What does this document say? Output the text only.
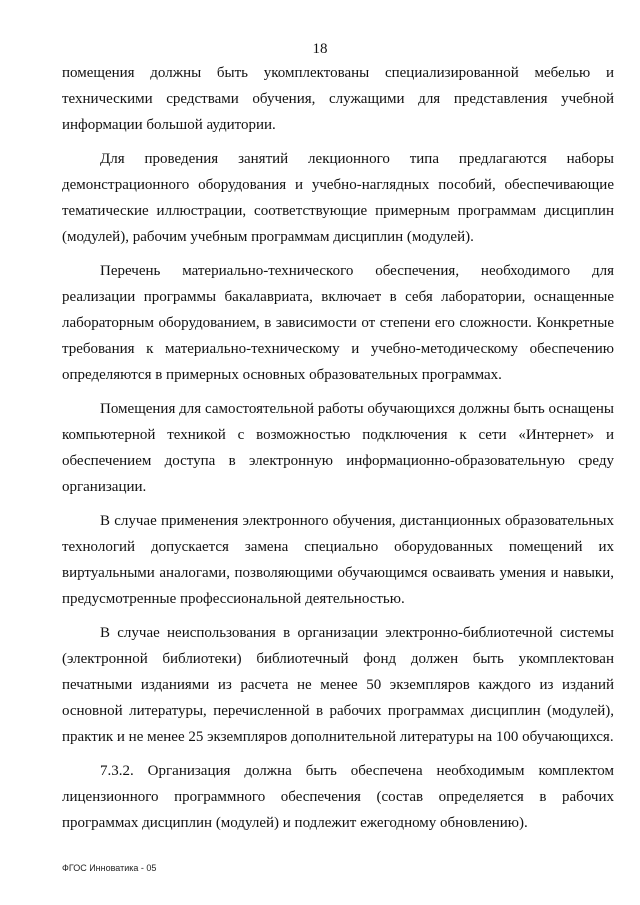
18

помещения должны быть укомплектованы специализированной мебелью и техническими средствами обучения, служащими для представления учебной информации большой аудитории.

Для проведения занятий лекционного типа предлагаются наборы демонстрационного оборудования и учебно-наглядных пособий, обеспечивающие тематические иллюстрации, соответствующие примерным программам дисциплин (модулей), рабочим учебным программам дисциплин (модулей).

Перечень материально-технического обеспечения, необходимого для реализации программы бакалавриата, включает в себя лаборатории, оснащенные лабораторным оборудованием, в зависимости от степени его сложности. Конкретные требования к материально-техническому и учебно-методическому обеспечению определяются в примерных основных образовательных программах.

Помещения для самостоятельной работы обучающихся должны быть оснащены компьютерной техникой с возможностью подключения к сети «Интернет» и обеспечением доступа в электронную информационно-образовательную среду организации.

В случае применения электронного обучения, дистанционных образовательных технологий допускается замена специально оборудованных помещений их виртуальными аналогами, позволяющими обучающимся осваивать умения и навыки, предусмотренные профессиональной деятельностью.

В случае неиспользования в организации электронно-библиотечной системы (электронной библиотеки) библиотечный фонд должен быть укомплектован печатными изданиями из расчета не менее 50 экземпляров каждого из изданий основной литературы, перечисленной в рабочих программах дисциплин (модулей), практик и не менее 25 экземпляров дополнительной литературы на 100 обучающихся.

7.3.2. Организация должна быть обеспечена необходимым комплектом лицензионного программного обеспечения (состав определяется в рабочих программах дисциплин (модулей) и подлежит ежегодному обновлению).

ФГОС Инноватика - 05
